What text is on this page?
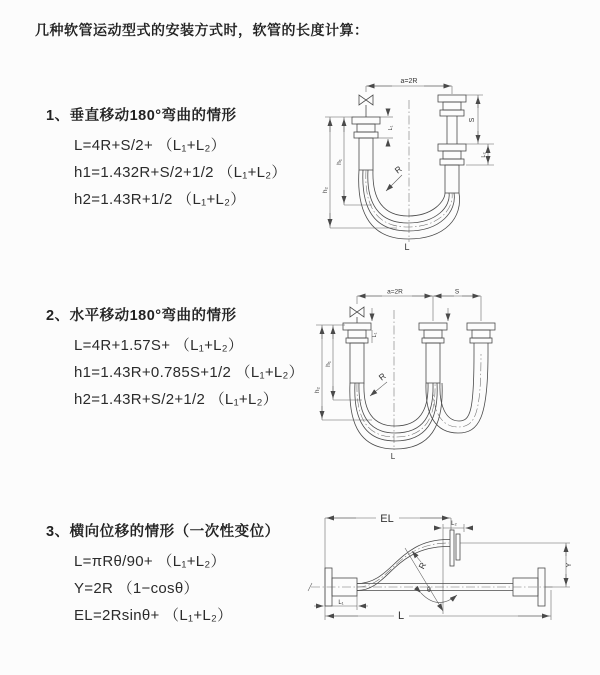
几种软管运动型式的安装方式时，软管的长度计算：
1、垂直移动180°弯曲的情形
L=4R+S/2+ （L₁+L₂）
h1=1.432R+S/2+1/2 （L₁+L₂）
h2=1.43R+1/2 （L₁+L₂）
2、水平移动180°弯曲的情形
L=4R+1.57S+ （L₁+L₂）
h1=1.43R+0.785S+1/2 （L₁+L₂）
h2=1.43R+S/2+1/2 （L₁+L₂）
3、横向位移的情形（一次性变位）
L=πRθ/90+ （L₁+L₂）
Y=2R （1−cosθ）
EL=2Rsinθ+ （L₁+L₂）
a=2R
R
L
h₁
h₂
L₁
S
L₂
a=2R	S
R
L
h₁
h₂
L₁
EL	L₂
R
θ
Y
L
L₁
